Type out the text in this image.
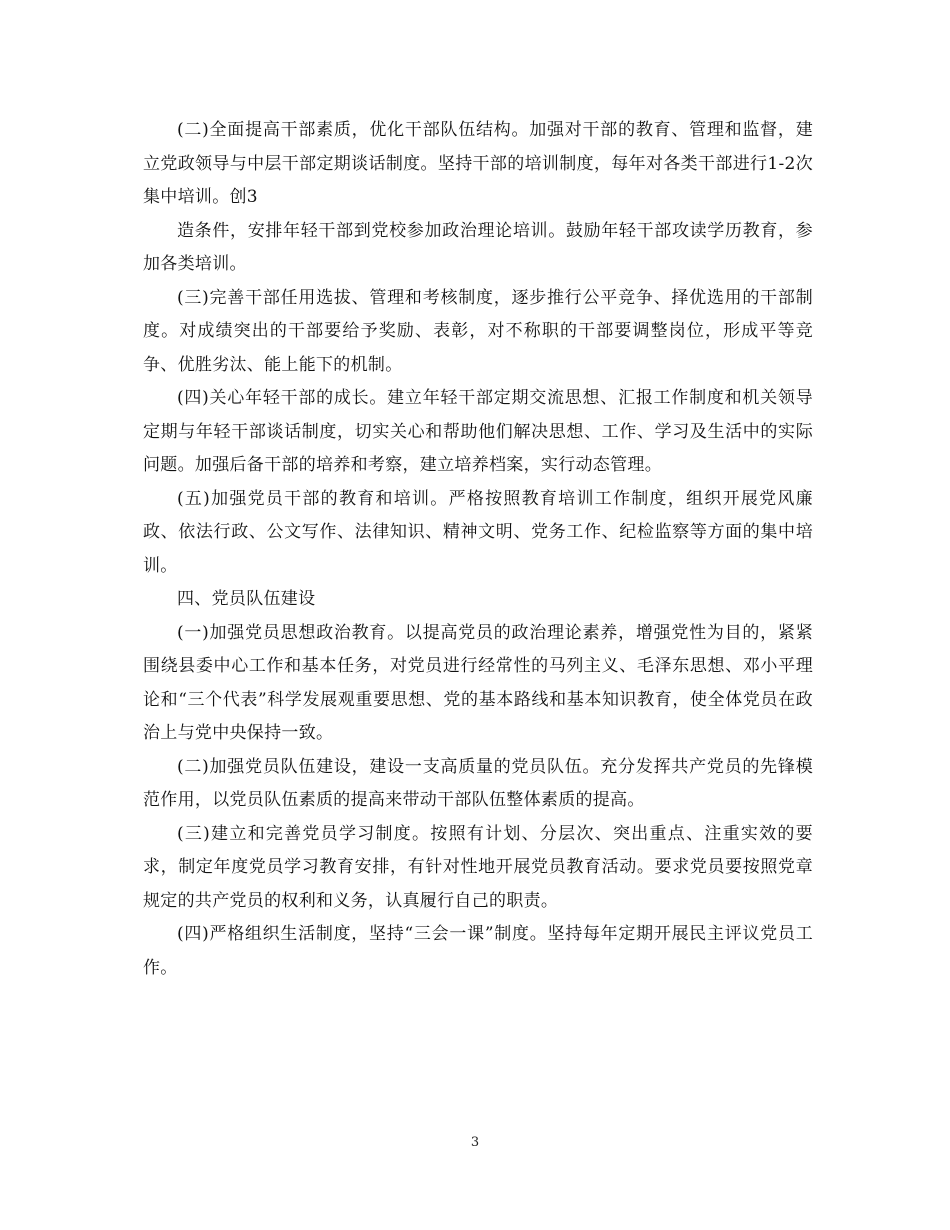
(二)全面提高干部素质，优化干部队伍结构。加强对干部的教育、管理和监督，建立党政领导与中层干部定期谈话制度。坚持干部的培训制度，每年对各类干部进行1-2次集中培训。创3

造条件，安排年轻干部到党校参加政治理论培训。鼓励年轻干部攻读学历教育，参加各类培训。

(三)完善干部任用选拔、管理和考核制度，逐步推行公平竞争、择优选用的干部制度。对成绩突出的干部要给予奖励、表彰，对不称职的干部要调整岗位，形成平等竞争、优胜劣汰、能上能下的机制。

(四)关心年轻干部的成长。建立年轻干部定期交流思想、汇报工作制度和机关领导定期与年轻干部谈话制度，切实关心和帮助他们解决思想、工作、学习及生活中的实际问题。加强后备干部的培养和考察，建立培养档案，实行动态管理。

(五)加强党员干部的教育和培训。严格按照教育培训工作制度，组织开展党风廉政、依法行政、公文写作、法律知识、精神文明、党务工作、纪检监察等方面的集中培训。

四、党员队伍建设

(一)加强党员思想政治教育。以提高党员的政治理论素养，增强党性为目的，紧紧围绕县委中心工作和基本任务，对党员进行经常性的马列主义、毛泽东思想、邓小平理论和“三个代表”科学发展观重要思想、党的基本路线和基本知识教育，使全体党员在政治上与党中央保持一致。

(二)加强党员队伍建设，建设一支高质量的党员队伍。充分发挥共产党员的先锋模范作用，以党员队伍素质的提高来带动干部队伍整体素质的提高。

(三)建立和完善党员学习制度。按照有计划、分层次、突出重点、注重实效的要求，制定年度党员学习教育安排，有针对性地开展党员教育活动。要求党员要按照党章规定的共产党员的权利和义务，认真履行自己的职责。

(四)严格组织生活制度，坚持“三会一课”制度。坚持每年定期开展民主评议党员工作。

3
